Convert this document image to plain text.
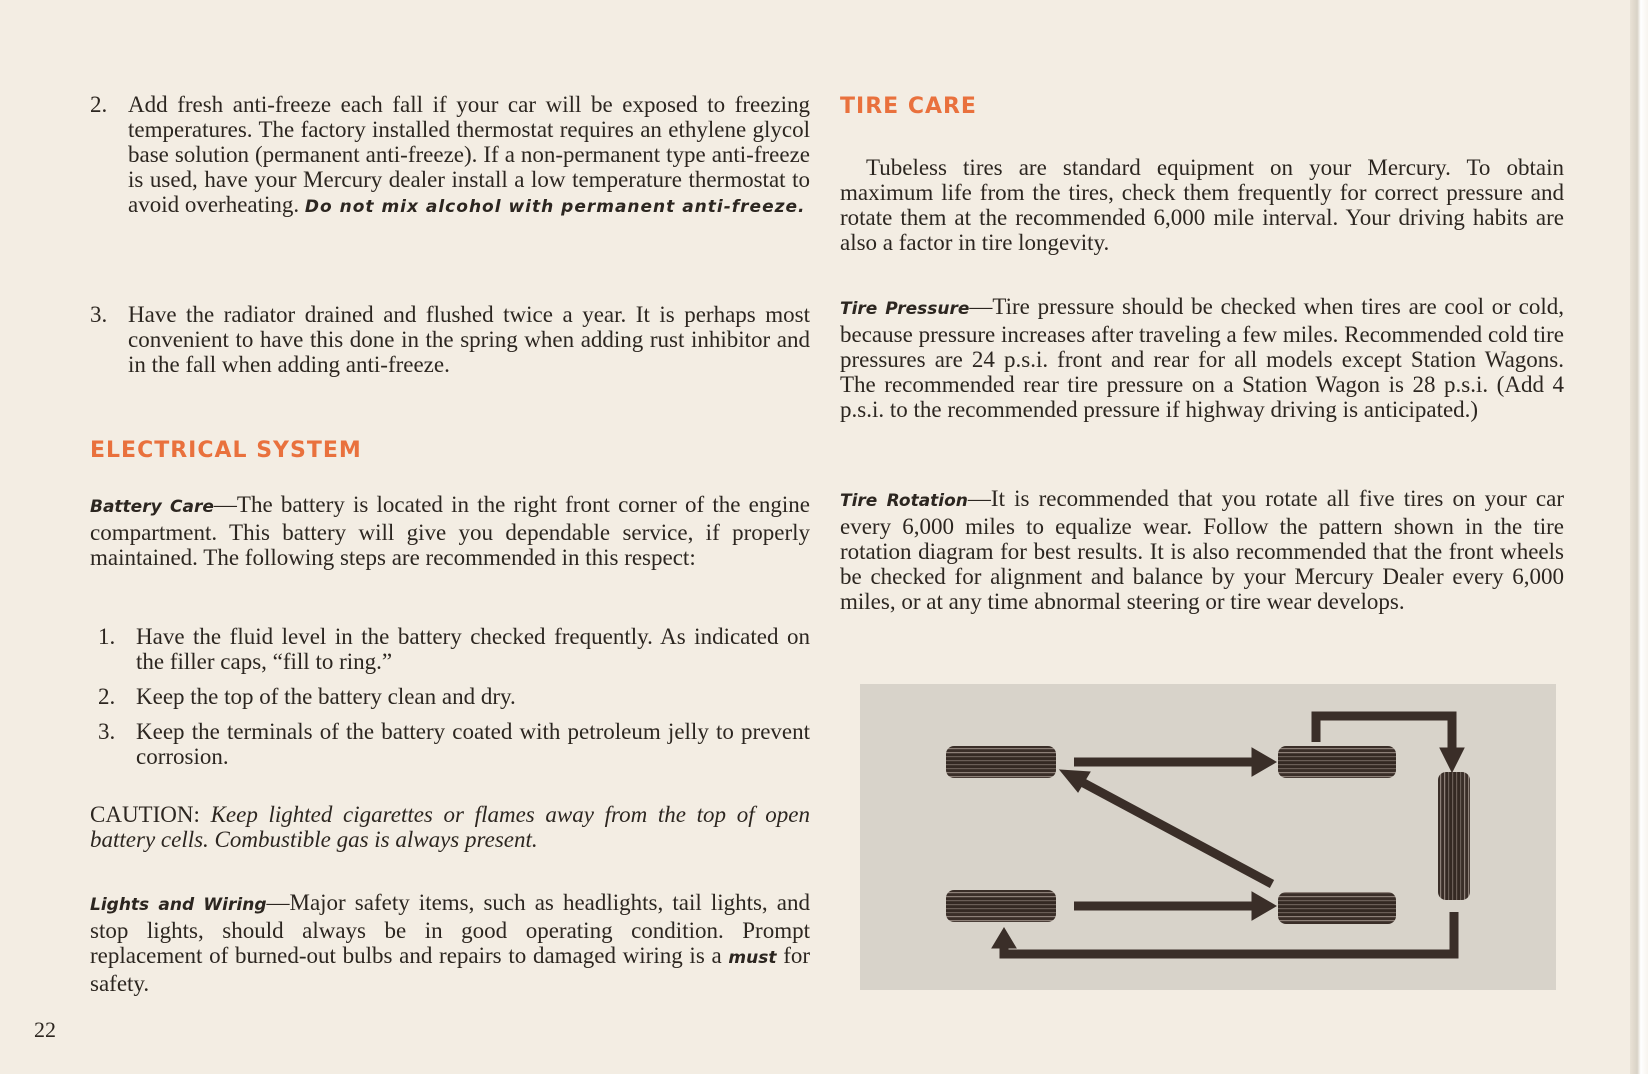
2. Add fresh anti-freeze each fall if your car will be exposed to freezing temperatures. The factory installed thermostat requires an ethylene glycol base solution (permanent anti-freeze). If a non-permanent type anti-freeze is used, have your Mercury dealer install a low temperature thermostat to avoid overheating. Do not mix alcohol with permanent anti-freeze.
3. Have the radiator drained and flushed twice a year. It is perhaps most convenient to have this done in the spring when adding rust inhibitor and in the fall when adding anti-freeze.
ELECTRICAL SYSTEM

Battery Care—The battery is located in the right front corner of the engine compartment. This battery will give you dependable service, if properly maintained. The following steps are recommended in this respect:

1. Have the fluid level in the battery checked frequently. As indicated on the filler caps, “fill to ring.”
2. Keep the top of the battery clean and dry.
3. Keep the terminals of the battery coated with petroleum jelly to prevent corrosion.

CAUTION: Keep lighted cigarettes or flames away from the top of open battery cells. Combustible gas is always present.

Lights and Wiring—Major safety items, such as headlights, tail lights, and stop lights, should always be in good operating condition. Prompt replacement of burned-out bulbs and repairs to damaged wiring is a must for safety.

TIRE CARE

Tubeless tires are standard equipment on your Mercury. To obtain maximum life from the tires, check them frequently for correct pressure and rotate them at the recommended 6,000 mile interval. Your driving habits are also a factor in tire longevity.

Tire Pressure—Tire pressure should be checked when tires are cool or cold, because pressure increases after traveling a few miles. Recommended cold tire pressures are 24 p.s.i. front and rear for all models except Station Wagons. The recommended rear tire pressure on a Station Wagon is 28 p.s.i. (Add 4 p.s.i. to the recommended pressure if highway driving is anticipated.)

Tire Rotation—It is recommended that you rotate all five tires on your car every 6,000 miles to equalize wear. Follow the pattern shown in the tire rotation diagram for best results. It is also recommended that the front wheels be checked for alignment and balance by your Mercury Dealer every 6,000 miles, or at any time abnormal steering or tire wear develops.

22
